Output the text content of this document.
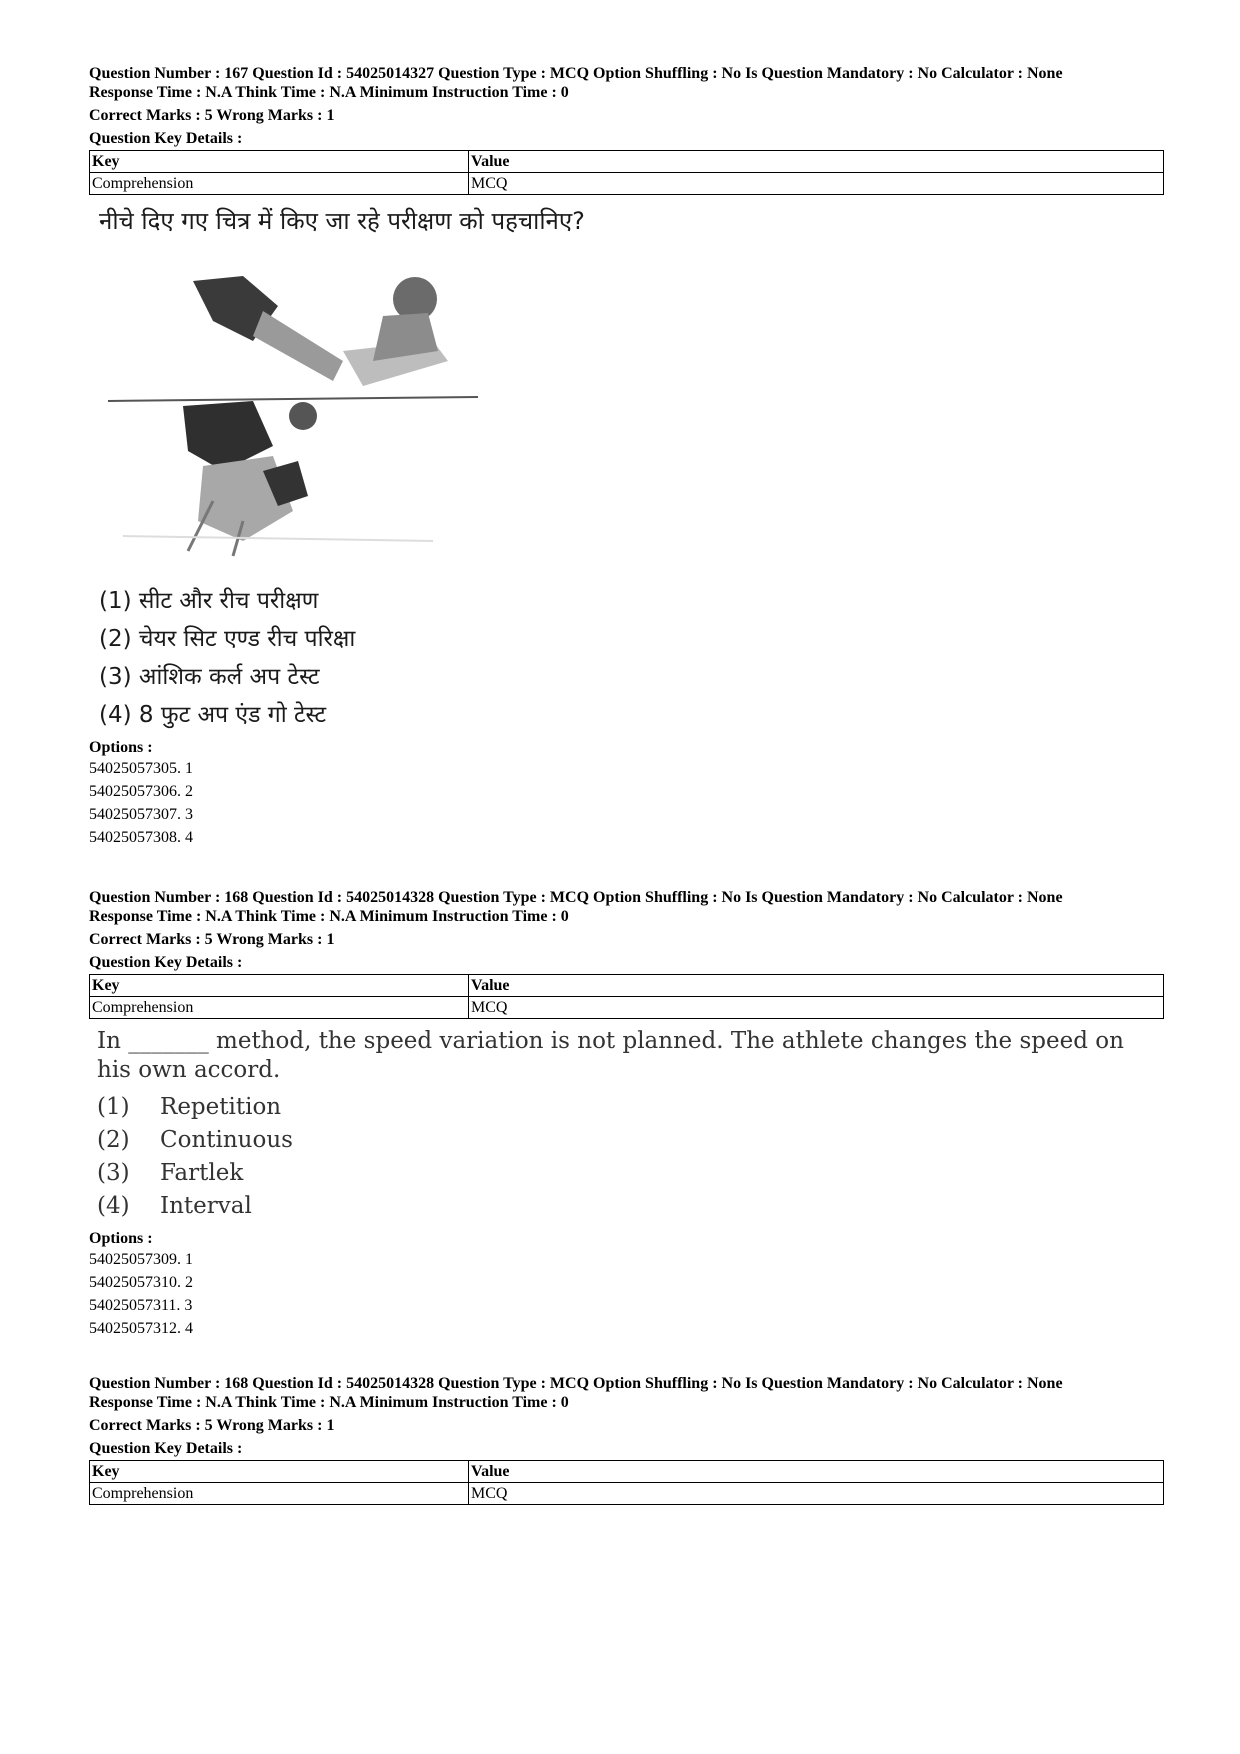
Question Number : 167 Question Id : 54025014327 Question Type : MCQ Option Shuffling : No Is Question Mandatory : No Calculator : None
Response Time : N.A Think Time : N.A Minimum Instruction Time : 0
Correct Marks : 5 Wrong Marks : 1
Question Key Details :
Key	Value
Comprehension	MCQ
नीचे दिए गए चित्र में किए जा रहे परीक्षण को पहचानिए?
(1) सीट और रीच परीक्षण
(2) चेयर सिट एण्ड रीच परिक्षा
(3) आंशिक कर्ल अप टेस्ट
(4) 8 फुट अप एंड गो टेस्ट
Options :
54025057305. 1
54025057306. 2
54025057307. 3
54025057308. 4
Question Number : 168 Question Id : 54025014328 Question Type : MCQ Option Shuffling : No Is Question Mandatory : No Calculator : None
Response Time : N.A Think Time : N.A Minimum Instruction Time : 0
Correct Marks : 5 Wrong Marks : 1
Question Key Details :
Key	Value
Comprehension	MCQ
In _______ method, the speed variation is not planned. The athlete changes the speed on his own accord.
(1) Repetition
(2) Continuous
(3) Fartlek
(4) Interval
Options :
54025057309. 1
54025057310. 2
54025057311. 3
54025057312. 4
Question Number : 168 Question Id : 54025014328 Question Type : MCQ Option Shuffling : No Is Question Mandatory : No Calculator : None
Response Time : N.A Think Time : N.A Minimum Instruction Time : 0
Correct Marks : 5 Wrong Marks : 1
Question Key Details :
Key	Value
Comprehension	MCQ
